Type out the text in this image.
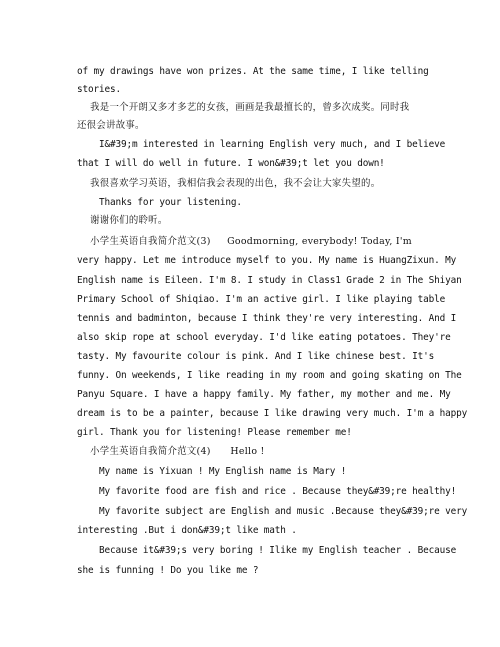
of my drawings have won prizes. At the same time, I like telling
stories.
我是一个开朗又多才多艺的女孩，画画是我最擅长的，曾多次成奖。同时我
还很会讲故事。
I&#39;m interested in learning English very much, and I believe
that I will do well in future. I won&#39;t let you down!
我很喜欢学习英语，我相信我会表现的出色，我不会让大家失望的。
Thanks for your listening.
谢谢你们的聆听。
小学生英语自我简介范文(3)     Goodmorning, everybody! Today, I'm
very happy. Let me introduce myself to you. My name is HuangZixun. My
English name is Eileen. I'm 8. I study in Class1 Grade 2 in The Shiyan
Primary School of Shiqiao. I'm an active girl. I like playing table
tennis and badminton, because I think they're very interesting. And I
also skip rope at school everyday. I'd like eating potatoes. They're
tasty. My favourite colour is pink. And I like chinese best. It's
funny. On weekends, I like reading in my room and going skating on The
Panyu Square. I have a happy family. My father, my mother and me. My
dream is to be a painter, because I like drawing very much. I'm a happy
girl. Thank you for listening! Please remember me!
小学生英语自我简介范文(4)      Hello !
My name is Yixuan ! My English name is Mary !
My favorite food are fish and rice . Because they&#39;re healthy!
My favorite subject are English and music .Because they&#39;re very
interesting .But i don&#39;t like math .
Because it&#39;s very boring ! Ilike my English teacher . Because
she is funning ! Do you like me ?
